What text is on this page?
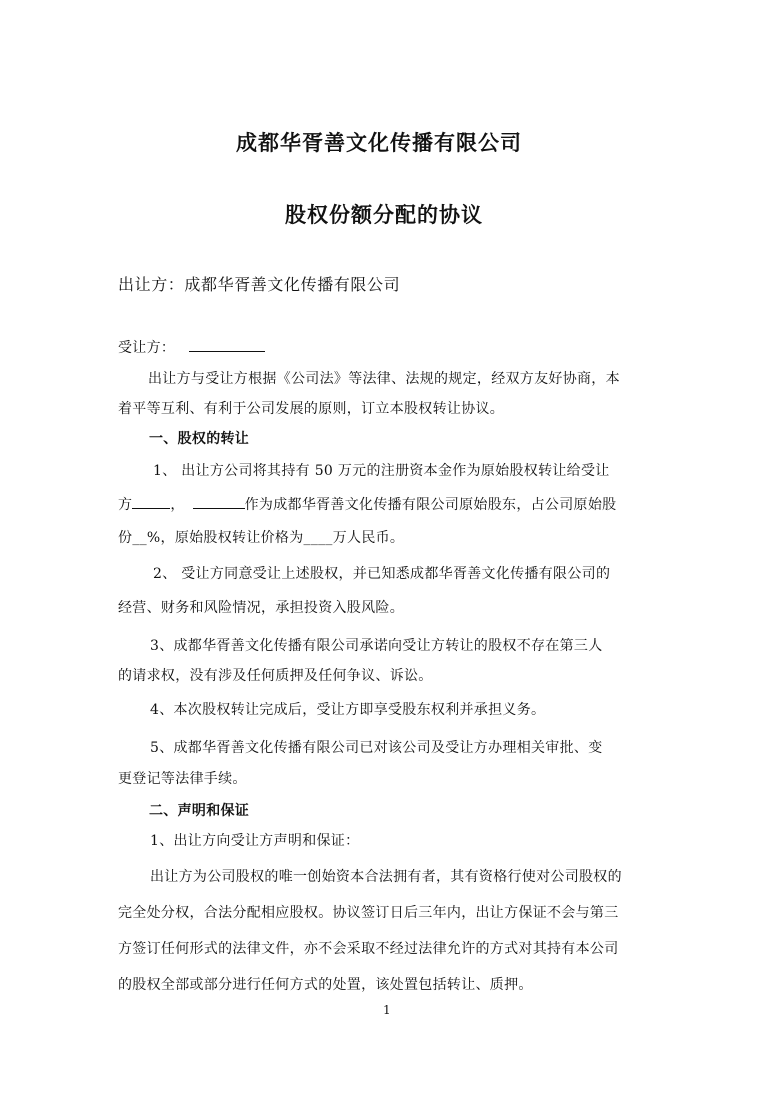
成都华胥善文化传播有限公司
股权份额分配的协议
出让方：成都华胥善文化传播有限公司
受让方：
出让方与受让方根据《公司法》等法律、法规的规定，经双方友好协商，本
着平等互利、有利于公司发展的原则，订立本股权转让协议。
一、股权的转让
1、 出让方公司将其持有 50 万元的注册资本金作为原始股权转让给受让
方	，	作为成都华胥善文化传播有限公司原始股东，占公司原始股
份__%，原始股权转让价格为____万人民币。
2、 受让方同意受让上述股权，并已知悉成都华胥善文化传播有限公司的
经营、财务和风险情况，承担投资入股风险。
3、成都华胥善文化传播有限公司承诺向受让方转让的股权不存在第三人
的请求权，没有涉及任何质押及任何争议、诉讼。
4、本次股权转让完成后，受让方即享受股东权利并承担义务。
5、成都华胥善文化传播有限公司已对该公司及受让方办理相关审批、变
更登记等法律手续。
二、声明和保证
1、出让方向受让方声明和保证：
出让方为公司股权的唯一创始资本合法拥有者，其有资格行使对公司股权的
完全处分权，合法分配相应股权。协议签订日后三年内，出让方保证不会与第三
方签订任何形式的法律文件，亦不会采取不经过法律允许的方式对其持有本公司
的股权全部或部分进行任何方式的处置，该处置包括转让、质押。
1
